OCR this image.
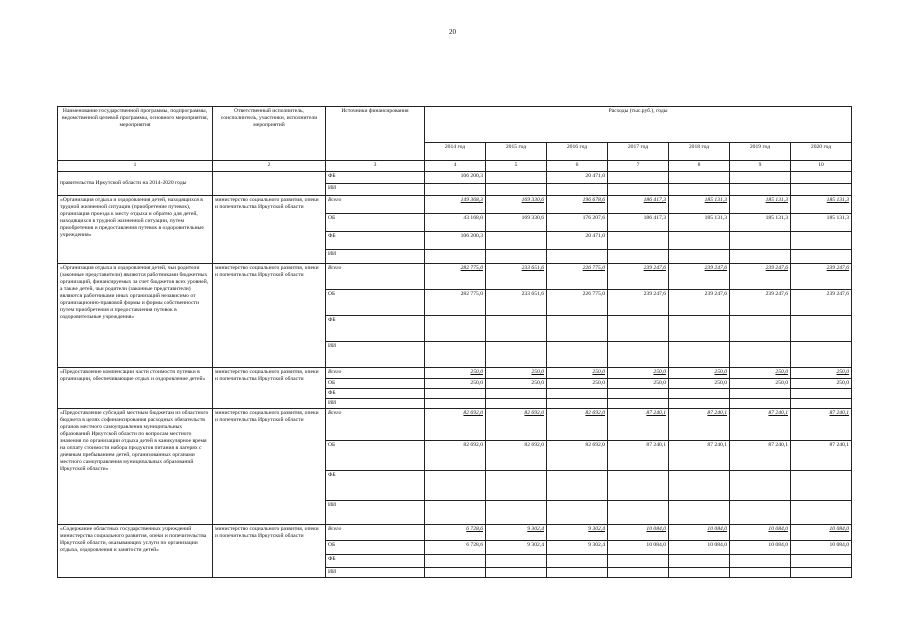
20
Наименование государственной программы, подпрограммы, ведомственной целевой программы, основного мероприятия, мероприятия	Ответственный исполнитель, соисполнитель, участники, исполнители мероприятий	Источники финансирования	Расходы (тыс.руб.), годы						
			2014 год	2015 год	2016 год	2017 год	2018 год	2019 год	2020 год
1	2	3	4	5	6	7	8	9	10
правительства Иркутской области на 2014-2020 годы		ФБ	106 200,3		20 471,0				
		ИИ							
«Организация отдыха и оздоровления детей, находящихся в трудной жизненной ситуации (приобретение путевок), организация проезда к месту отдыха и обратно для детей, находящихся в трудной жизненной ситуации, путем приобретения и предоставления путевок в оздоровительные учреждения»	министерство социального развития, опеки и попечительства Иркутской области	Всего	149 368,3	169 330,6	196 678,6	186 417,3	185 131,3	185 131,3	185 131,3
		ОБ	43 168,0	169 330,6	176 207,6	186 417,3	185 131,3	185 131,3	185 131,3
		ФБ	106 200,3		20 471,0				
		ИИ							
«Организация отдыха и оздоровления детей, чьи родители (законные представители) являются работниками бюджетных организаций, финансируемых за счет бюджетов всех уровней, а также детей, чьи родители (законные представители) являются работниками иных организаций независимо от организационно-правовой формы и формы собственности путем приобретения и предоставления путевок в оздоровительные учреждения»	министерство социального развития, опеки и попечительства Иркутской области	Всего	282 775,0	233 651,6	226 775,0	239 247,6	239 247,6	239 247,6	239 247,6
		ОБ	282 775,0	233 651,6	226 775,0	239 247,6	239 247,6	239 247,6	239 247,6
		ФБ							
		ИИ							
«Предоставление компенсации части стоимости путевки в организации, обеспечивающие отдых и оздоровление детей»	министерство социального развития, опеки и попечительства Иркутской области	Всего	250,0	250,0	250,0	250,0	250,0	250,0	250,0
		ОБ	250,0	250,0	250,0	250,0	250,0	250,0	250,0
		ФБ							
		ИИ							
«Предоставление субсидий местным бюджетам из областного бюджета в целях софинансирования расходных обязательств органов местного самоуправления муниципальных образований Иркутской области по вопросам местного значения по организации отдыха детей в каникулярное время на оплату стоимости набора продуктов питания в лагерях с дневным пребыванием детей, организованных органами местного самоуправления муниципальных образований Иркутской области»	министерство социального развития, опеки и попечительства Иркутской области	Всего	82 692,0	82 692,0	82 692,0	87 240,1	87 240,1	87 240,1	87 240,1
		ОБ	82 692,0	82 692,0	82 692,0	87 240,1	87 240,1	87 240,1	87 240,1
		ФБ							
		ИИ							
«Содержание областных государственных учреждений министерства социального развития, опеки и попечительства Иркутской области, оказывающих услуги по организации отдыха, оздоровления и занятости детей»	министерство социального развития, опеки и попечительства Иркутской области	Всего	6 728,6	9 302,4	9 302,4	10 084,0	10 084,0	10 084,0	10 084,0
		ОБ	6 728,6	9 302,4	9 302,4	10 084,0	10 084,0	10 084,0	10 084,0
		ФБ							
		ИИ							
